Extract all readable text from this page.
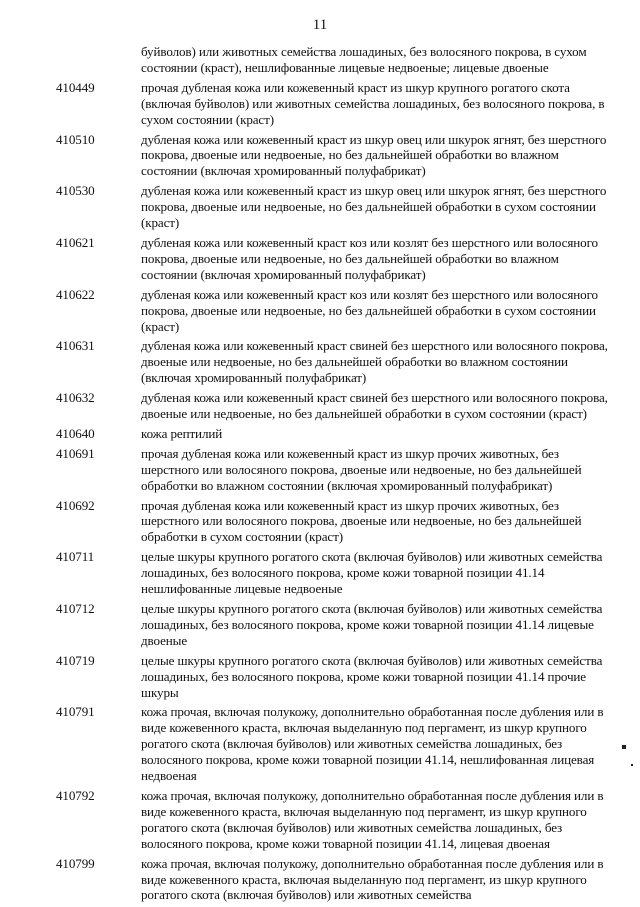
11
буйволов) или животных семейства лошадиных, без волосяного покрова, в сухом состоянии (краст), нешлифованные лицевые недвоеные; лицевые двоеные
410449	прочая дубленая кожа или кожевенный краст из шкур крупного рогатого скота (включая буйволов) или животных семейства лошадиных, без волосяного покрова, в сухом состоянии (краст)
410510	дубленая кожа или кожевенный краст из шкур овец или шкурок ягнят, без шерстного покрова, двоеные или недвоеные, но без дальнейшей обработки во влажном состоянии (включая хромированный полуфабрикат)
410530	дубленая кожа или кожевенный краст из шкур овец или шкурок ягнят, без шерстного покрова, двоеные или недвоеные, но без дальнейшей обработки в сухом состоянии (краст)
410621	дубленая кожа или кожевенный краст коз или козлят без шерстного или волосяного покрова, двоеные или недвоеные, но без дальнейшей обработки во влажном состоянии (включая хромированный полуфабрикат)
410622	дубленая кожа или кожевенный краст коз или козлят без шерстного или волосяного покрова, двоеные или недвоеные, но без дальнейшей обработки в сухом состоянии (краст)
410631	дубленая кожа или кожевенный краст свиней без шерстного или волосяного покрова, двоеные или недвоеные, но без дальнейшей обработки во влажном состоянии (включая хромированный полуфабрикат)
410632	дубленая кожа или кожевенный краст свиней без шерстного или волосяного покрова, двоеные или недвоеные, но без дальнейшей обработки в сухом состоянии (краст)
410640	кожа рептилий
410691	прочая дубленая кожа или кожевенный краст из шкур прочих животных, без шерстного или волосяного покрова, двоеные или недвоеные, но без дальнейшей обработки во влажном состоянии (включая хромированный полуфабрикат)
410692	прочая дубленая кожа или кожевенный краст из шкур прочих животных, без шерстного или волосяного покрова, двоеные или недвоеные, но без дальнейшей обработки в сухом состоянии (краст)
410711	целые шкуры крупного рогатого скота (включая буйволов) или животных семейства лошадиных, без волосяного покрова, кроме кожи товарной позиции 41.14 нешлифованные лицевые недвоеные
410712	целые шкуры крупного рогатого скота (включая буйволов) или животных семейства лошадиных, без волосяного покрова, кроме кожи товарной позиции 41.14 лицевые двоеные
410719	целые шкуры крупного рогатого скота (включая буйволов) или животных семейства лошадиных, без волосяного покрова, кроме кожи товарной позиции 41.14 прочие шкуры
410791	кожа прочая, включая полукожу, дополнительно обработанная после дубления или в виде кожевенного краста, включая выделанную под пергамент, из шкур крупного рогатого скота (включая буйволов) или животных семейства лошадиных, без волосяного покрова, кроме кожи товарной позиции 41.14, нешлифованная лицевая недвоеная
410792	кожа прочая, включая полукожу, дополнительно обработанная после дубления или в виде кожевенного краста, включая выделанную под пергамент, из шкур крупного рогатого скота (включая буйволов) или животных семейства лошадиных, без волосяного покрова, кроме кожи товарной позиции 41.14, лицевая двоеная
410799	кожа прочая, включая полукожу, дополнительно обработанная после дубления или в виде кожевенного краста, включая выделанную под пергамент, из шкур крупного рогатого скота (включая буйволов) или животных семейства
